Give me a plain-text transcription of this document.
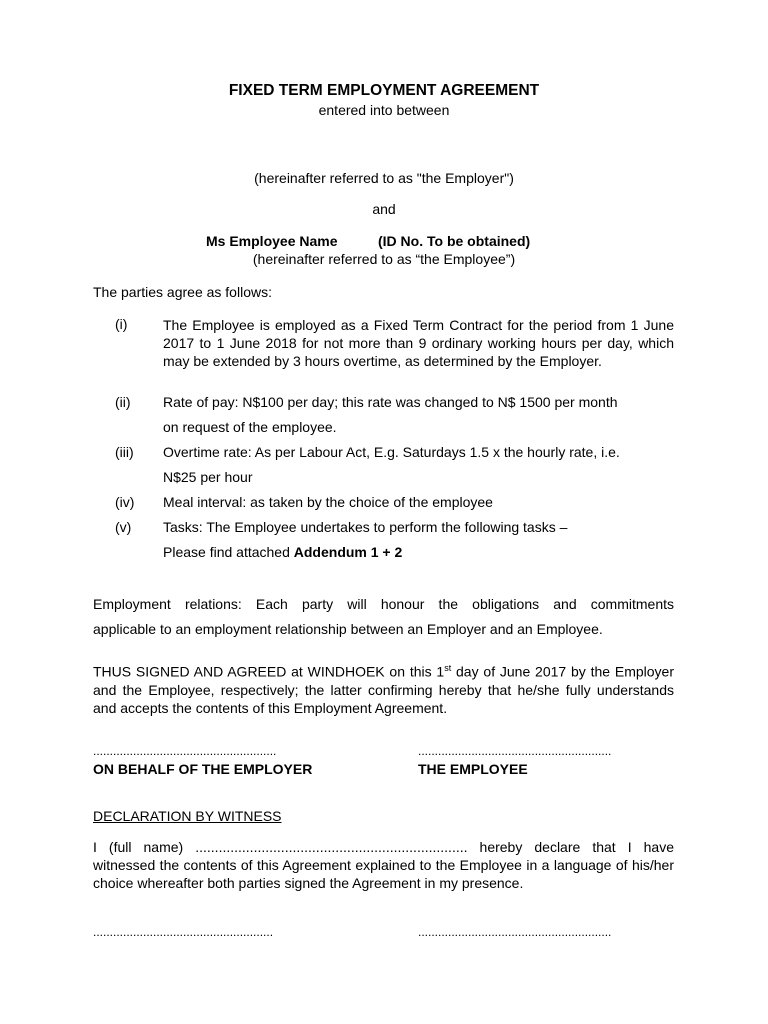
FIXED TERM EMPLOYMENT AGREEMENT
entered into between
(hereinafter referred to as "the Employer")
and
Ms Employee Name	(ID No. To be obtained)
(hereinafter referred to as “the Employee”)
The parties agree as follows:
(i)	The Employee is employed as a Fixed Term Contract for the period from 1 June 2017 to 1 June 2018 for not more than 9 ordinary working hours per day, which may be extended by 3 hours overtime, as determined by the Employer.
(ii) Rate of pay: N$100 per day; this rate was changed to N$ 1500 per month
on request of the employee.
(iii) Overtime rate: As per Labour Act, E.g. Saturdays 1.5 x the hourly rate, i.e.
N$25 per hour
(iv) Meal interval: as taken by the choice of the employee
(v) Tasks: The Employee undertakes to perform the following tasks –
Please find attached Addendum 1 + 2
Employment relations: Each party will honour the obligations and commitments
applicable to an employment relationship between an Employer and an Employee.
THUS SIGNED AND AGREED at WINDHOEK on this 1st day of June 2017 by the Employer and the Employee, respectively; the latter confirming hereby that he/she fully understands and accepts the contents of this Employment Agreement.
.......................................................	..........................................................
ON BEHALF OF THE EMPLOYER	THE EMPLOYEE
DECLARATION BY WITNESS
I (full name) ...................................................................... hereby declare that I have witnessed the contents of this Agreement explained to the Employee in a language of his/her choice whereafter both parties signed the Agreement in my presence.
......................................................	..........................................................
